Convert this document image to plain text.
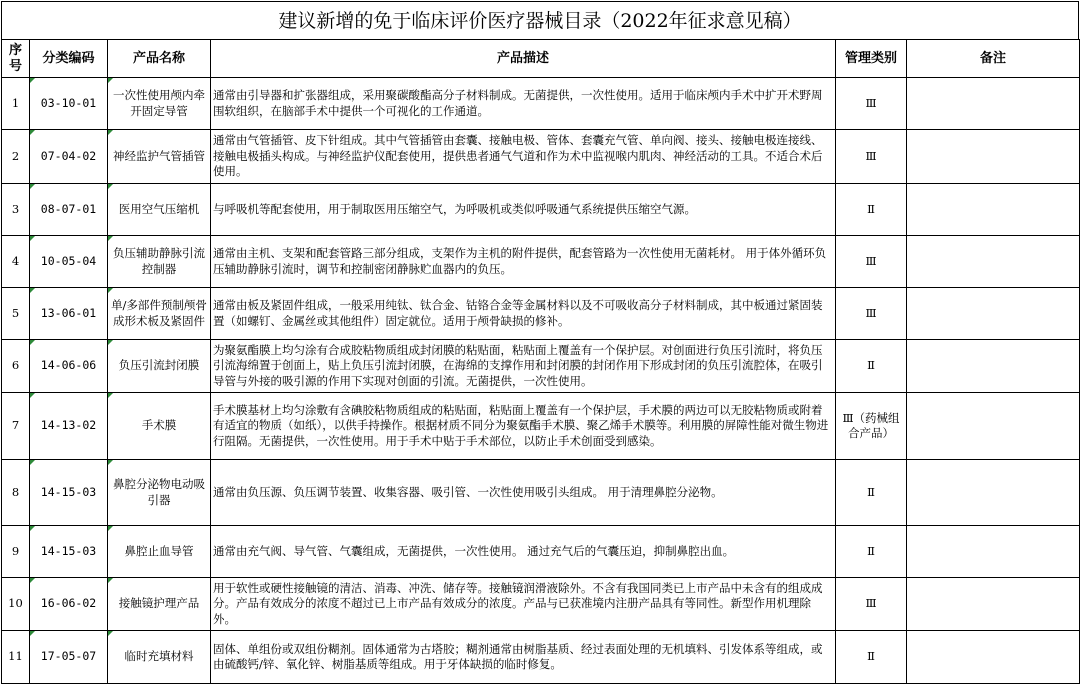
建议新增的免于临床评价医疗器械目录（2022年征求意见稿）
序号	分类编码	产品名称	产品描述	管理类别	备注
1	03-10-01	一次性使用颅内牵开固定导管	通常由引导器和扩张器组成，采用聚碳酸酯高分子材料制成。无菌提供，一次性使用。适用于临床颅内手术中扩开术野周围软组织，在脑部手术中提供一个可视化的工作通道。	Ⅲ	
2	07-04-02	神经监护气管插管	通常由气管插管、皮下针组成。其中气管插管由套囊、接触电极、管体、套囊充气管、单向阀、接头、接触电极连接线、接触电极插头构成。与神经监护仪配套使用，提供患者通气气道和作为术中监视喉内肌肉、神经活动的工具。不适合术后使用。	Ⅲ	
3	08-07-01	医用空气压缩机	与呼吸机等配套使用，用于制取医用压缩空气，为呼吸机或类似呼吸通气系统提供压缩空气源。	Ⅱ	
4	10-05-04	负压辅助静脉引流控制器	通常由主机、支架和配套管路三部分组成，支架作为主机的附件提供，配套管路为一次性使用无菌耗材。 用于体外循环负压辅助静脉引流时，调节和控制密闭静脉贮血器内的负压。	Ⅲ	
5	13-06-01	单/多部件预制颅骨成形术板及紧固件	通常由板及紧固件组成，一般采用纯钛、钛合金、钴铬合金等金属材料以及不可吸收高分子材料制成，其中板通过紧固装置（如螺钉、金属丝或其他组件）固定就位。适用于颅骨缺损的修补。	Ⅲ	
6	14-06-06	负压引流封闭膜	为聚氨酯膜上均匀涂有合成胶粘物质组成封闭膜的粘贴面，粘贴面上覆盖有一个保护层。对创面进行负压引流时，将负压引流海绵置于创面上，贴上负压引流封闭膜，在海绵的支撑作用和封闭膜的封闭作用下形成封闭的负压引流腔体，在吸引导管与外接的吸引源的作用下实现对创面的引流。无菌提供，一次性使用。	Ⅱ	
7	14-13-02	手术膜	手术膜基材上均匀涂敷有含碘胶粘物质组成的粘贴面，粘贴面上覆盖有一个保护层，手术膜的两边可以无胶粘物质或附着有适宜的物质（如纸），以供手持操作。根据材质不同分为聚氨酯手术膜、聚乙烯手术膜等。利用膜的屏障性能对微生物进行阻隔。无菌提供，一次性使用。用于手术中贴于手术部位，以防止手术创面受到感染。	Ⅲ（药械组合产品）	
8	14-15-03	鼻腔分泌物电动吸引器	通常由负压源、负压调节装置、收集容器、吸引管、一次性使用吸引头组成。 用于清理鼻腔分泌物。	Ⅱ	
9	14-15-03	鼻腔止血导管	通常由充气阀、导气管、气囊组成，无菌提供，一次性使用。 通过充气后的气囊压迫，抑制鼻腔出血。	Ⅱ	
10	16-06-02	接触镜护理产品	用于软性或硬性接触镜的清洁、消毒、冲洗、储存等。接触镜润滑液除外。不含有我国同类已上市产品中未含有的组成成分。产品有效成分的浓度不超过已上市产品有效成分的浓度。产品与已获准境内注册产品具有等同性。新型作用机理除外。	Ⅲ	
11	17-05-07	临时充填材料	固体、单组份或双组份糊剂。固体通常为古塔胶；糊剂通常由树脂基质、经过表面处理的无机填料、引发体系等组成，或由硫酸钙/锌、氧化锌、树脂基质等组成。用于牙体缺损的临时修复。	Ⅱ	
